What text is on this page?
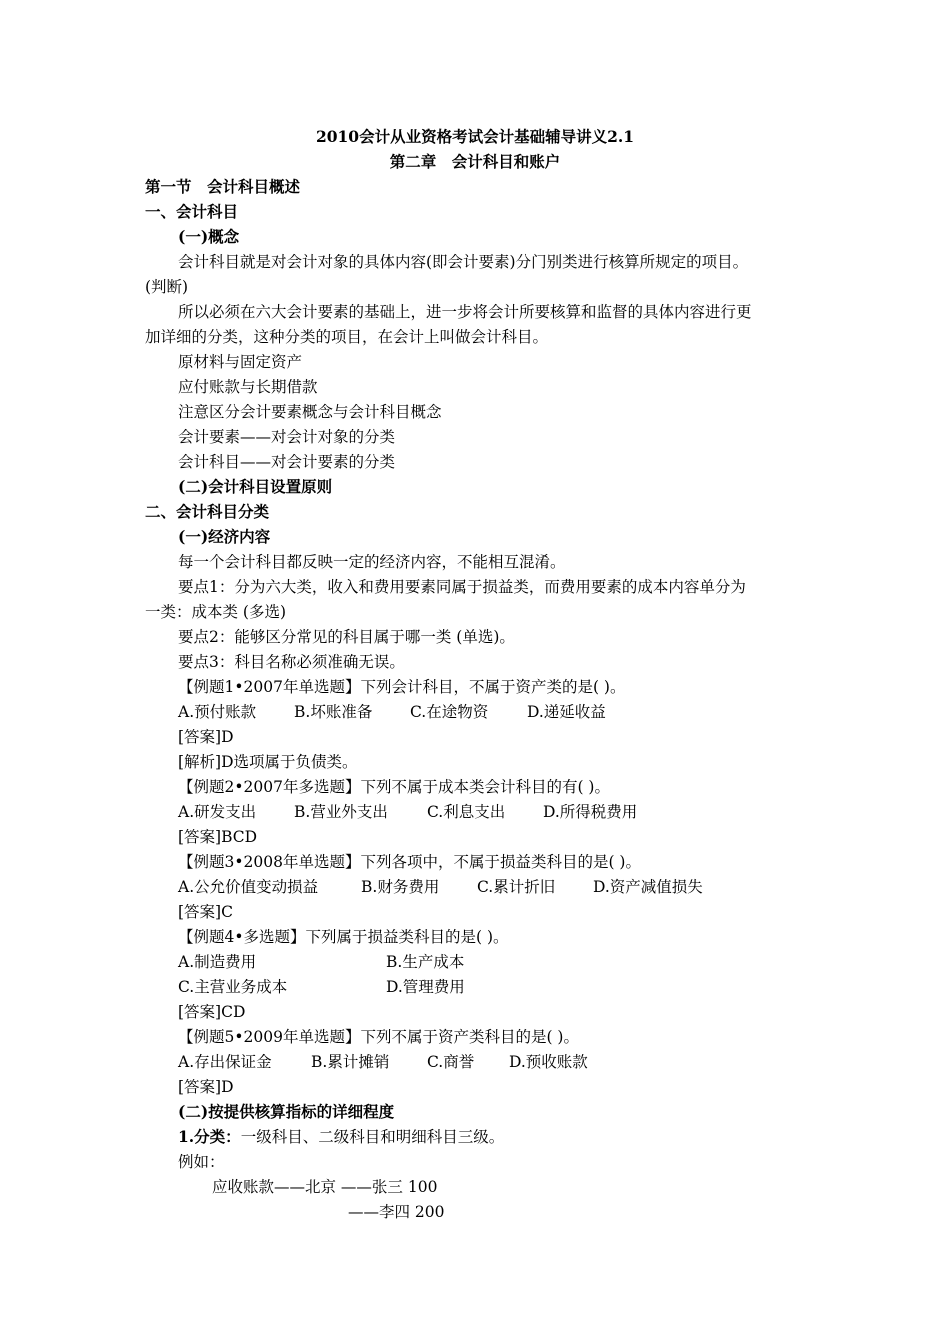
2010会计从业资格考试会计基础辅导讲义2.1
第二章　会计科目和账户
第一节　会计科目概述
一、会计科目
(一)概念
会计科目就是对会计对象的具体内容(即会计要素)分门别类进行核算所规定的项目。
(判断)
所以必须在六大会计要素的基础上，进一步将会计所要核算和监督的具体内容进行更
加详细的分类，这种分类的项目，在会计上叫做会计科目。
原材料与固定资产
应付账款与长期借款
注意区分会计要素概念与会计科目概念
会计要素——对会计对象的分类
会计科目——对会计要素的分类
(二)会计科目设置原则
二、会计科目分类
(一)经济内容
每一个会计科目都反映一定的经济内容，不能相互混淆。
要点1：分为六大类，收入和费用要素同属于损益类，而费用要素的成本内容单分为
一类：成本类 (多选)
要点2：能够区分常见的科目属于哪一类 (单选)。
要点3：科目名称必须准确无误。
【例题1•2007年单选题】下列会计科目，不属于资产类的是( )。
A.预付账款 B.坏账准备 C.在途物资	D.递延收益
[答案]D
[解析]D选项属于负债类。
【例题2•2007年多选题】下列不属于成本类会计科目的有( )。
A.研发支出 B.营业外支出	C.利息支出 D.所得税费用
[答案]BCD
【例题3•2008年单选题】下列各项中，不属于损益类科目的是( )。
A.公允价值变动损益	B.财务费用 C.累计折旧 D.资产减值损失
[答案]C
【例题4•多选题】下列属于损益类科目的是( )。
A.制造费用	B.生产成本
C.主营业务成本	D.管理费用
[答案]CD
【例题5•2009年单选题】下列不属于资产类科目的是( )。
A.存出保证金	B.累计摊销 C.商誉 D.预收账款
[答案]D
(二)按提供核算指标的详细程度
1.分类：一级科目、二级科目和明细科目三级。
例如：
应收账款——北京 ——张三 100
——李四 200
